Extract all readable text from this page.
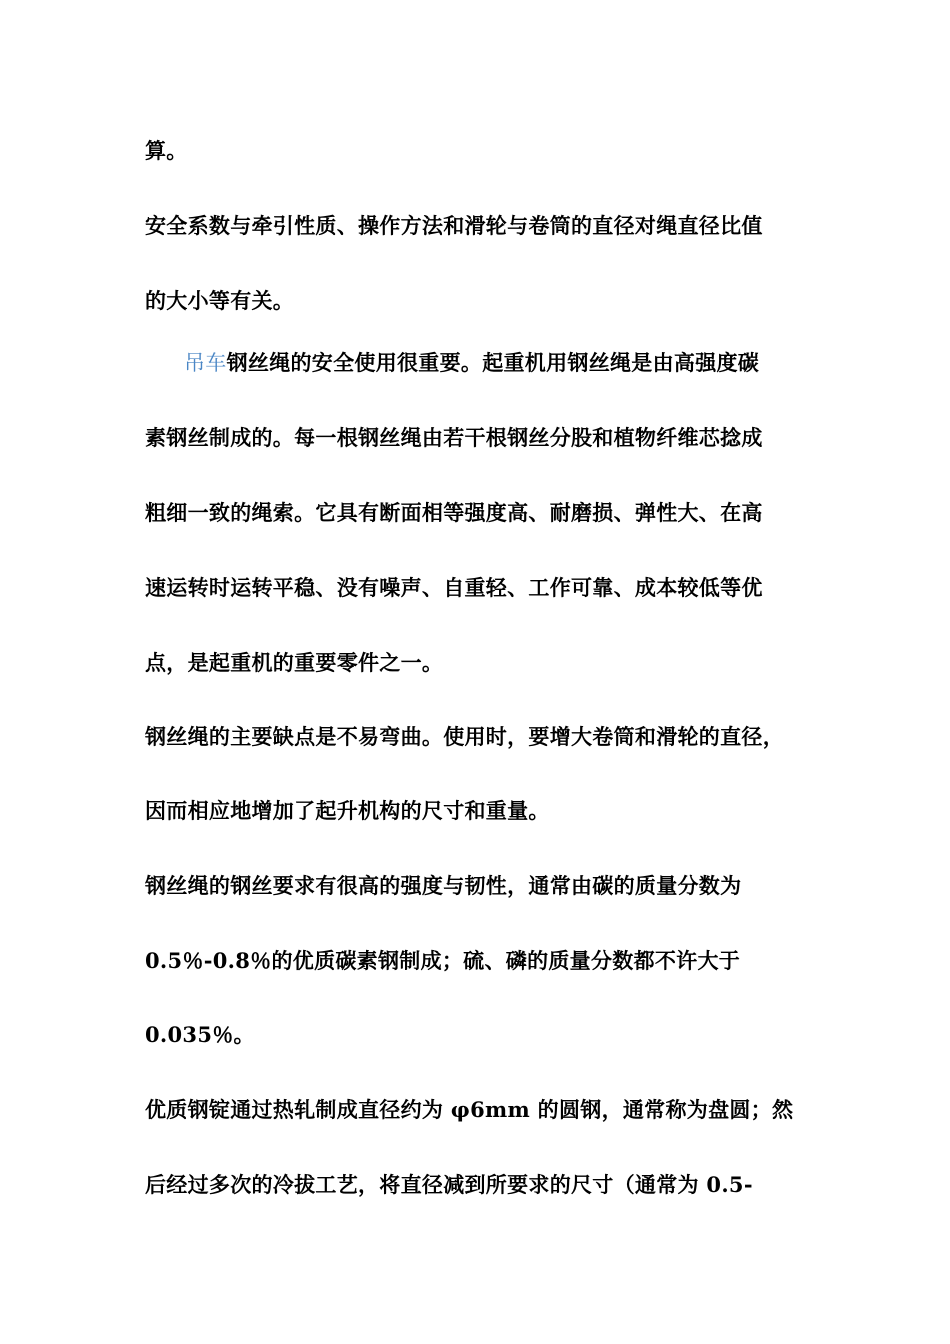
算。
安全系数与牵引性质、操作方法和滑轮与卷筒的直径对绳直径比值
的大小等有关。
吊车钢丝绳的安全使用很重要。起重机用钢丝绳是由高强度碳
素钢丝制成的。每一根钢丝绳由若干根钢丝分股和植物纤维芯捻成
粗细一致的绳索。它具有断面相等强度高、耐磨损、弹性大、在高
速运转时运转平稳、没有噪声、自重轻、工作可靠、成本较低等优
点，是起重机的重要零件之一。
钢丝绳的主要缺点是不易弯曲。使用时，要增大卷筒和滑轮的直径，
因而相应地增加了起升机构的尺寸和重量。
钢丝绳的钢丝要求有很高的强度与韧性，通常由碳的质量分数为
0.5％-0.8％的优质碳素钢制成；硫、磷的质量分数都不许大于
0.035％。
优质钢锭通过热轧制成直径约为 φ6mm 的圆钢，通常称为盘圆；然
后经过多次的冷拔工艺，将直径减到所要求的尺寸（通常为 0.5-
